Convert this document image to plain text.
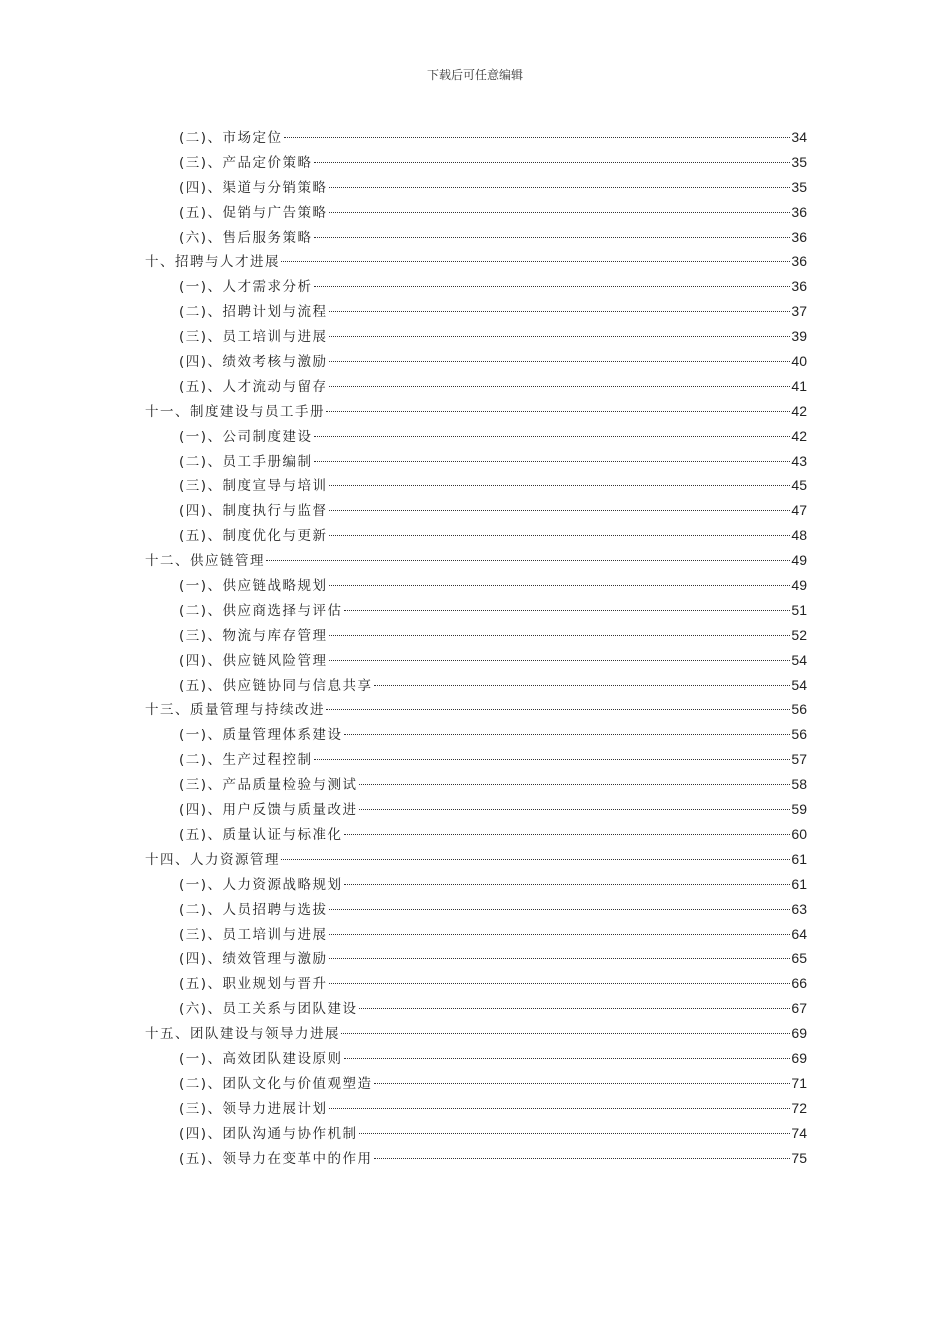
下载后可任意编辑
(二)、市场定位	34
(三)、产品定价策略	35
(四)、渠道与分销策略	35
(五)、促销与广告策略	36
(六)、售后服务策略	36
十、招聘与人才进展	36
(一)、人才需求分析	36
(二)、招聘计划与流程	37
(三)、员工培训与进展	39
(四)、绩效考核与激励	40
(五)、人才流动与留存	41
十一、制度建设与员工手册	42
(一)、公司制度建设	42
(二)、员工手册编制	43
(三)、制度宣导与培训	45
(四)、制度执行与监督	47
(五)、制度优化与更新	48
十二、供应链管理	49
(一)、供应链战略规划	49
(二)、供应商选择与评估	51
(三)、物流与库存管理	52
(四)、供应链风险管理	54
(五)、供应链协同与信息共享	54
十三、质量管理与持续改进	56
(一)、质量管理体系建设	56
(二)、生产过程控制	57
(三)、产品质量检验与测试	58
(四)、用户反馈与质量改进	59
(五)、质量认证与标准化	60
十四、人力资源管理	61
(一)、人力资源战略规划	61
(二)、人员招聘与选拔	63
(三)、员工培训与进展	64
(四)、绩效管理与激励	65
(五)、职业规划与晋升	66
(六)、员工关系与团队建设	67
十五、团队建设与领导力进展	69
(一)、高效团队建设原则	69
(二)、团队文化与价值观塑造	71
(三)、领导力进展计划	72
(四)、团队沟通与协作机制	74
(五)、领导力在变革中的作用	75
